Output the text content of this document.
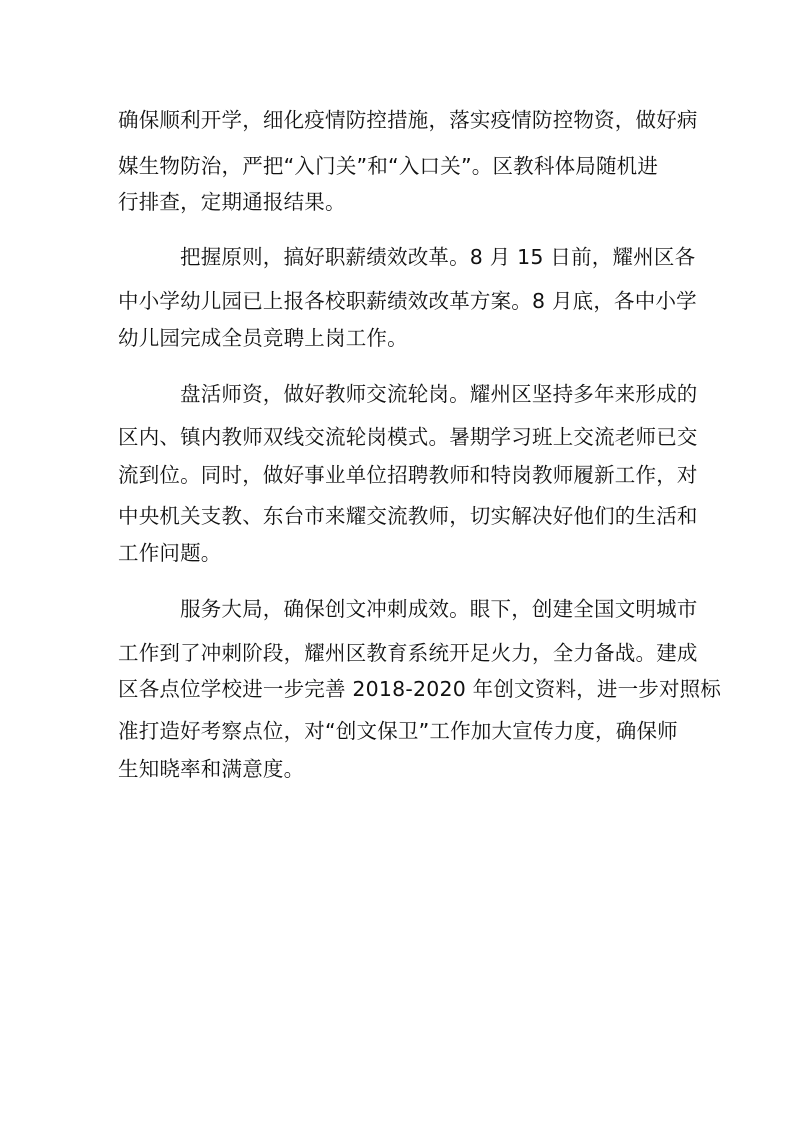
确保顺利开学，细化疫情防控措施，落实疫情防控物资，做好病
媒生物防治，严把“入门关”和“入口关”。区教科体局随机进
行排查，定期通报结果。
把握原则，搞好职薪绩效改革。8 月 15 日前，耀州区各
中小学幼儿园已上报各校职薪绩效改革方案。8 月底，各中小学
幼儿园完成全员竞聘上岗工作。
盘活师资，做好教师交流轮岗。耀州区坚持多年来形成的
区内、镇内教师双线交流轮岗模式。暑期学习班上交流老师已交
流到位。同时，做好事业单位招聘教师和特岗教师履新工作，对
中央机关支教、东台市来耀交流教师，切实解决好他们的生活和
工作问题。
服务大局，确保创文冲刺成效。眼下，创建全国文明城市
工作到了冲刺阶段，耀州区教育系统开足火力，全力备战。建成
区各点位学校进一步完善 2018-2020 年创文资料，进一步对照标
准打造好考察点位，对“创文保卫”工作加大宣传力度，确保师
生知晓率和满意度。
